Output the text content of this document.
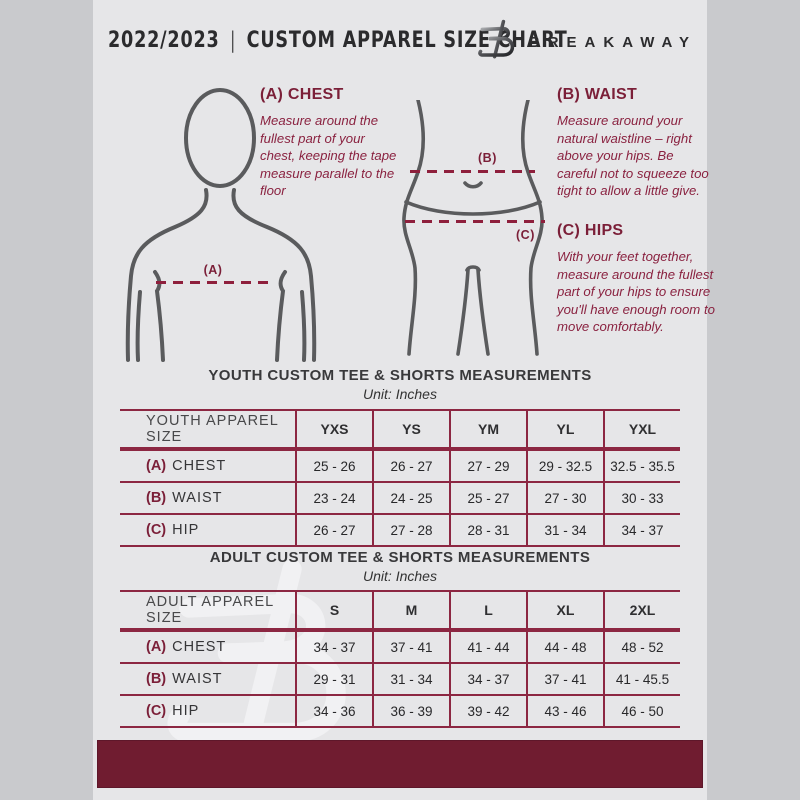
2022/2023 | CUSTOM APPAREL SIZE CHART
BREAKAWAY
(A)
(B)
(C)
(A) CHEST

Measure around the fullest part of your chest, keeping the tape measure parallel to the floor

(B) WAIST

Measure around your natural waistline – right above your hips. Be careful not to squeeze too tight to allow a little give.

(C) HIPS

With your feet together, measure around the fullest part of your hips to ensure you'll have enough room to move comfortably.

YOUTH CUSTOM TEE & SHORTS MEASUREMENTS
Unit: Inches
YOUTH APPAREL SIZE	YXS	YS	YM	YL	YXL
(A) CHEST	25 - 26	26 - 27	27 - 29	29 - 32.5	32.5 - 35.5
(B) WAIST	23 - 24	24 - 25	25 - 27	27 - 30	30 - 33
(C) HIP	26 - 27	27 - 28	28 - 31	31 - 34	34 - 37
ADULT CUSTOM TEE & SHORTS MEASUREMENTS
Unit: Inches
ADULT APPAREL SIZE	S	M	L	XL	2XL
(A) CHEST	34 - 37	37 - 41	41 - 44	44 - 48	48 - 52
(B) WAIST	29 - 31	31 - 34	34 - 37	37 - 41	41 - 45.5
(C) HIP	34 - 36	36 - 39	39 - 42	43 - 46	46 - 50
